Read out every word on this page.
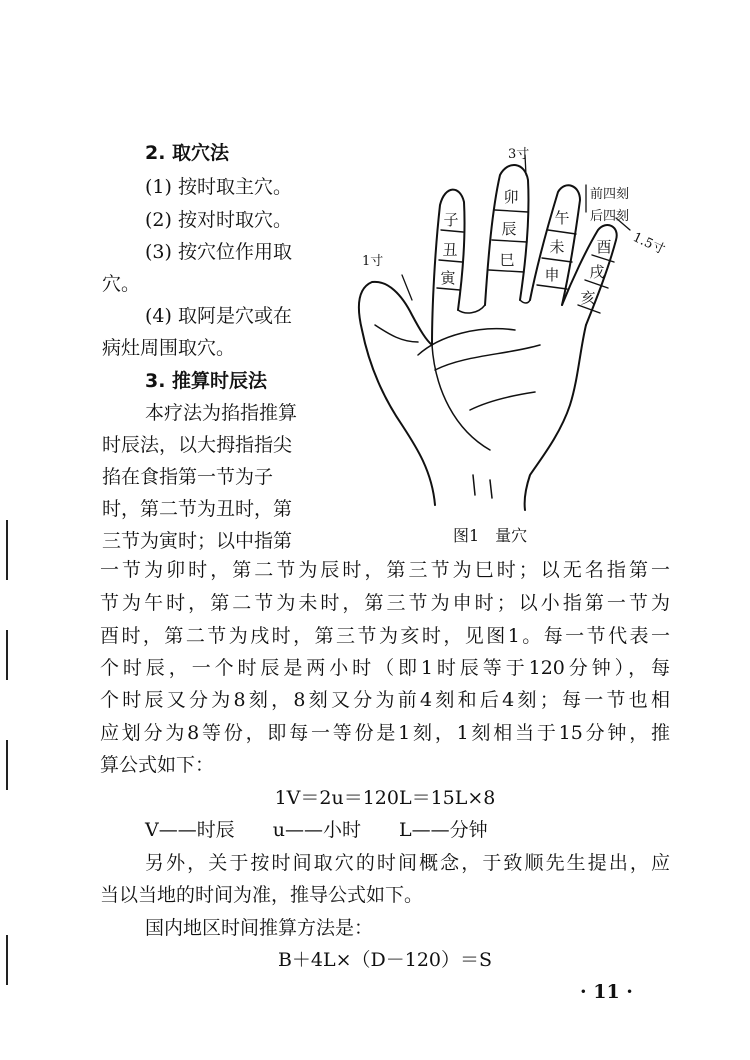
2. 取穴法
(1) 按时取主穴。
(2) 按对时取穴。
(3) 按穴位作用取
穴。
(4) 取阿是穴或在
病灶周围取穴。
3. 推算时辰法
本疗法为掐指推算
时辰法，以大拇指指尖
掐在食指第一节为子
时，第二节为丑时，第
三节为寅时；以中指第
子
丑
寅
卯
辰
巳
午
未
申
酉
戌
亥
1寸
3寸
前四刻
后四刻
1.5寸
图1　量穴
一节为卯时，第二节为辰时，第三节为巳时；以无名指第一
节为午时，第二节为未时，第三节为申时；以小指第一节为
酉时，第二节为戌时，第三节为亥时，见图1。每一节代表一
个时辰，一个时辰是两小时（即1时辰等于120分钟），每
个时辰又分为8刻，8刻又分为前4刻和后4刻；每一节也相
应划分为8等份，即每一等份是1刻，1刻相当于15分钟，推
算公式如下：
1V＝2u＝120L＝15L×8
V——时辰　　u——小时　　L——分钟
另外，关于按时间取穴的时间概念，于致顺先生提出，应
当以当地的时间为准，推导公式如下。
国内地区时间推算方法是：
B＋4L×（D－120）＝S
· 11 ·
